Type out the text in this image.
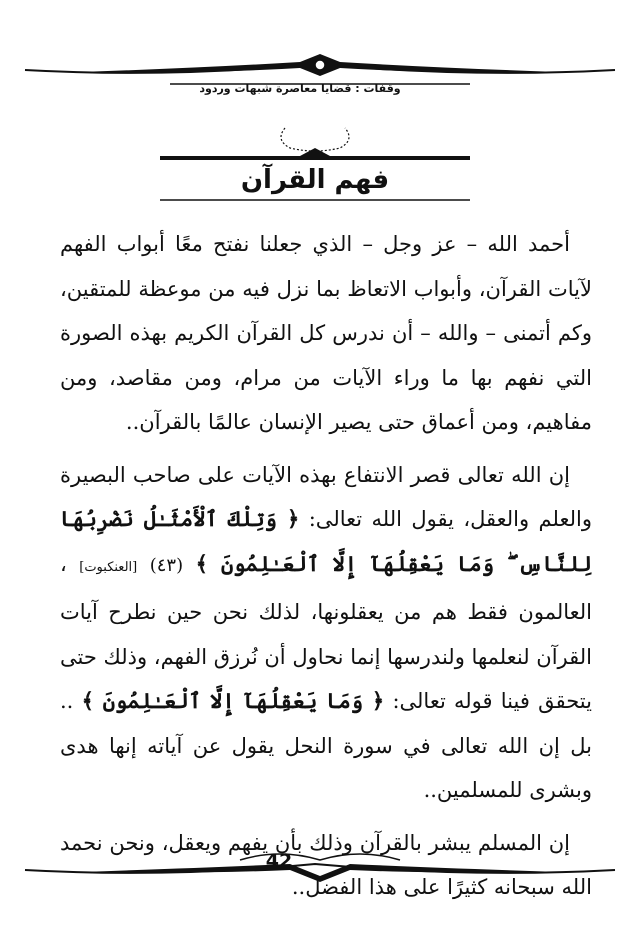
وقفات : قضايا معاصرة شبهات وردود
فهم القرآن

أحمد الله – عز وجل – الذي جعلنا نفتح معًا أبواب الفهم لآيات القرآن، وأبواب الاتعاظ بما نزل فيه من موعظة للمتقين، وكم أتمنى – والله – أن ندرس كل القرآن الكريم بهذه الصورة التي نفهم بها ما وراء الآيات من مرام، ومن مقاصد، ومن مفاهيم، ومن أعماق حتى يصير الإنسان عالمًا بالقرآن..

إن الله تعالى قصر الانتفاع بهذه الآيات على صاحب البصيرة والعلم والعقل، يقول الله تعالى: ﴿ وَتِلْكَ ٱلْأَمْثَـٰلُ نَضْرِبُهَا لِلنَّاسِ ۖ وَمَا يَعْقِلُهَآ إِلَّا ٱلْعَـٰلِمُونَ ﴾ (٤٣) [العنكبوت] ، العالمون فقط هم من يعقلونها، لذلك نحن حين نطرح آيات القرآن لنعلمها ولندرسها إنما نحاول أن نُرزق الفهم، وذلك حتى يتحقق فينا قوله تعالى: ﴿ وَمَا يَعْقِلُهَآ إِلَّا ٱلْعَـٰلِمُونَ ﴾ .. بل إن الله تعالى في سورة النحل يقول عن آياته إنها هدى وبشرى للمسلمين..

إن المسلم يبشر بالقرآن وذلك بأن يفهم ويعقل، ونحن نحمد الله سبحانه كثيرًا على هذا الفضل..

42
